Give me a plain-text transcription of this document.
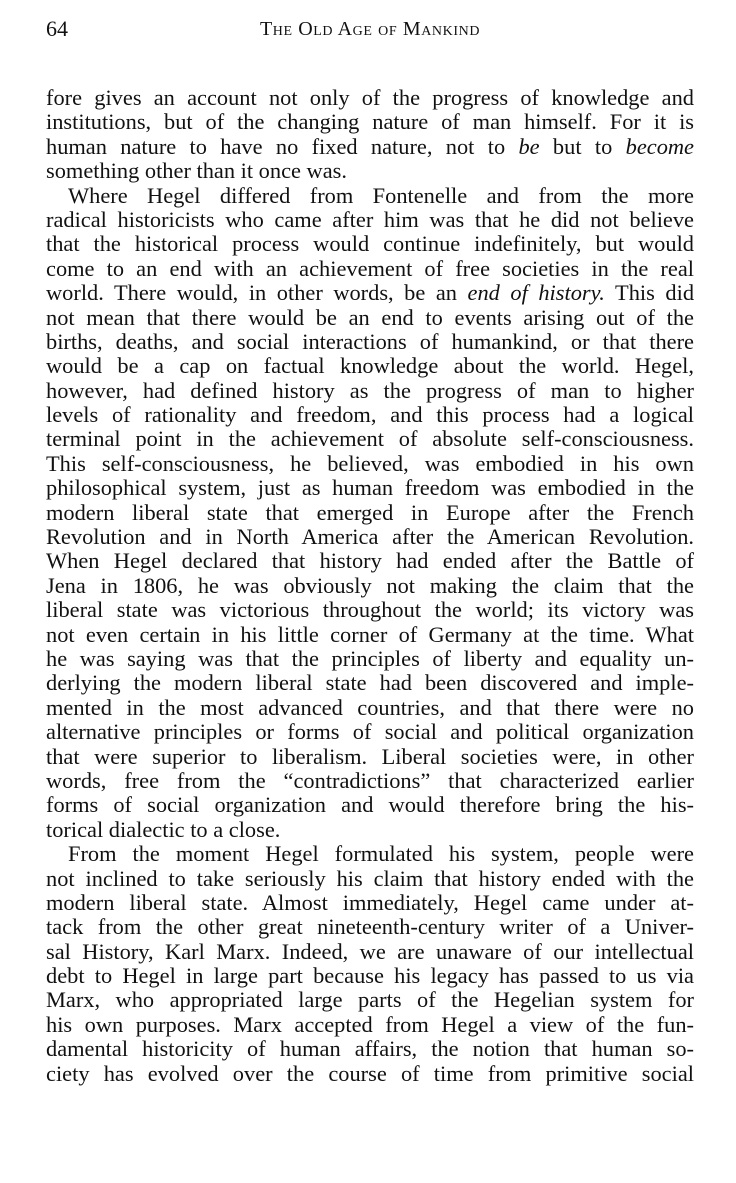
64	The Old Age of Mankind
fore gives an account not only of the progress of knowledge and
institutions, but of the changing nature of man himself. For it is
human nature to have no fixed nature, not to be but to become
something other than it once was.
Where Hegel differed from Fontenelle and from the more
radical historicists who came after him was that he did not believe
that the historical process would continue indefinitely, but would
come to an end with an achievement of free societies in the real
world. There would, in other words, be an end of history. This did
not mean that there would be an end to events arising out of the
births, deaths, and social interactions of humankind, or that there
would be a cap on factual knowledge about the world. Hegel,
however, had defined history as the progress of man to higher
levels of rationality and freedom, and this process had a logical
terminal point in the achievement of absolute self-consciousness.
This self-consciousness, he believed, was embodied in his own
philosophical system, just as human freedom was embodied in the
modern liberal state that emerged in Europe after the French
Revolution and in North America after the American Revolution.
When Hegel declared that history had ended after the Battle of
Jena in 1806, he was obviously not making the claim that the
liberal state was victorious throughout the world; its victory was
not even certain in his little corner of Germany at the time. What
he was saying was that the principles of liberty and equality un-
derlying the modern liberal state had been discovered and imple-
mented in the most advanced countries, and that there were no
alternative principles or forms of social and political organization
that were superior to liberalism. Liberal societies were, in other
words, free from the “contradictions” that characterized earlier
forms of social organization and would therefore bring the his-
torical dialectic to a close.
From the moment Hegel formulated his system, people were
not inclined to take seriously his claim that history ended with the
modern liberal state. Almost immediately, Hegel came under at-
tack from the other great nineteenth-century writer of a Univer-
sal History, Karl Marx. Indeed, we are unaware of our intellectual
debt to Hegel in large part because his legacy has passed to us via
Marx, who appropriated large parts of the Hegelian system for
his own purposes. Marx accepted from Hegel a view of the fun-
damental historicity of human affairs, the notion that human so-
ciety has evolved over the course of time from primitive social
